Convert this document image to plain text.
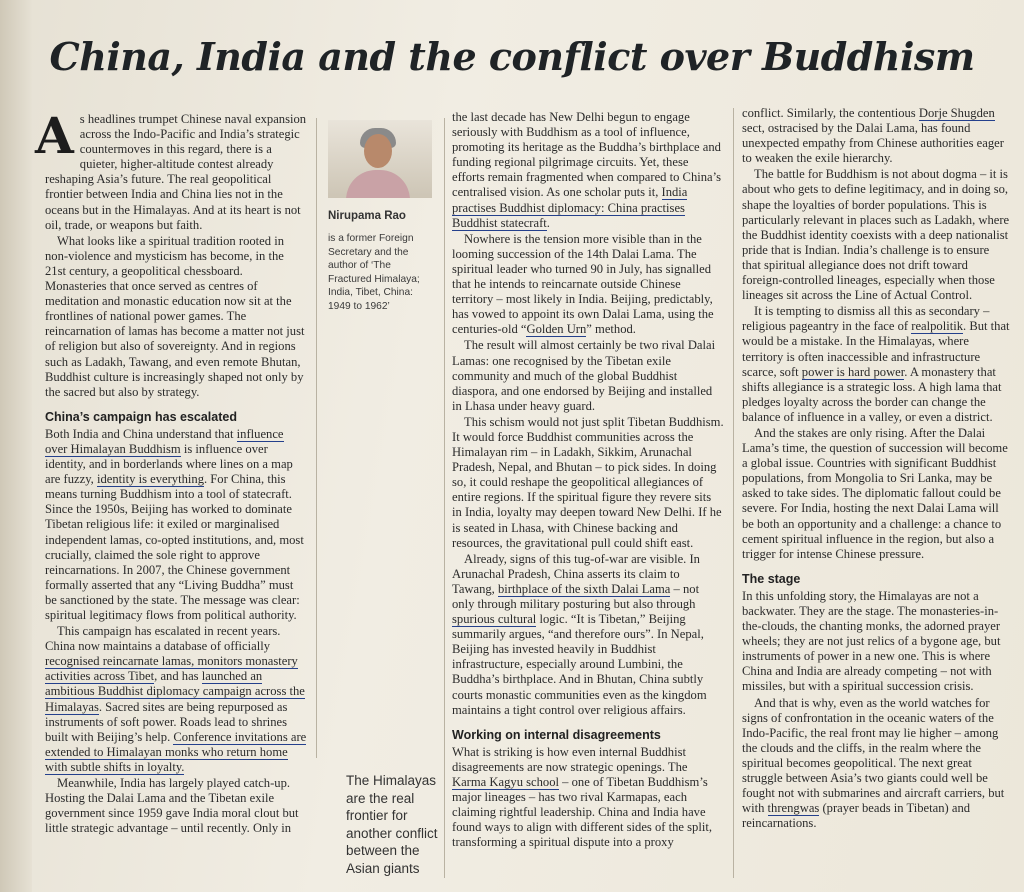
China, India and the conflict over Buddhism

As headlines trumpet Chinese naval expansion across the Indo-Pacific and India’s strategic countermoves in this regard, there is a quieter, higher-altitude contest already reshaping Asia’s future. The real geopolitical frontier between India and China lies not in the oceans but in the Himalayas. And at its heart is not oil, trade, or weapons but faith.

What looks like a spiritual tradition rooted in non-violence and mysticism has become, in the 21st century, a geopolitical chessboard. Monasteries that once served as centres of meditation and monastic education now sit at the frontlines of national power games. The reincarnation of lamas has become a matter not just of religion but also of sovereignty. And in regions such as Ladakh, Tawang, and even remote Bhutan, Buddhist culture is increasingly shaped not only by the sacred but also by strategy.

China’s campaign has escalated

Both India and China understand that influence over Himalayan Buddhism is influence over identity, and in borderlands where lines on a map are fuzzy, identity is everything. For China, this means turning Buddhism into a tool of statecraft. Since the 1950s, Beijing has worked to dominate Tibetan religious life: it exiled or marginalised independent lamas, co-opted institutions, and, most crucially, claimed the sole right to approve reincarnations. In 2007, the Chinese government formally asserted that any “Living Buddha” must be sanctioned by the state. The message was clear: spiritual legitimacy flows from political authority.

This campaign has escalated in recent years. China now maintains a database of officially recognised reincarnate lamas, monitors monastery activities across Tibet, and has launched an ambitious Buddhist diplomacy campaign across the Himalayas. Sacred sites are being repurposed as instruments of soft power. Roads lead to shrines built with Beijing’s help. Conference invitations are extended to Himalayan monks who return home with subtle shifts in loyalty.

Meanwhile, India has largely played catch-up. Hosting the Dalai Lama and the Tibetan exile government since 1959 gave India moral clout but little strategic advantage – until recently. Only in

Nirupama Rao
is a former Foreign Secretary and the author of ‘The Fractured Himalaya; India, Tibet, China: 1949 to 1962’
The Himalayas are the real frontier for another conflict between the Asian giants

the last decade has New Delhi begun to engage seriously with Buddhism as a tool of influence, promoting its heritage as the Buddha’s birthplace and funding regional pilgrimage circuits. Yet, these efforts remain fragmented when compared to China’s centralised vision. As one scholar puts it, India practises Buddhist diplomacy: China practises Buddhist statecraft.

Nowhere is the tension more visible than in the looming succession of the 14th Dalai Lama. The spiritual leader who turned 90 in July, has signalled that he intends to reincarnate outside Chinese territory – most likely in India. Beijing, predictably, has vowed to appoint its own Dalai Lama, using the centuries-old “Golden Urn” method.

The result will almost certainly be two rival Dalai Lamas: one recognised by the Tibetan exile community and much of the global Buddhist diaspora, and one endorsed by Beijing and installed in Lhasa under heavy guard.

This schism would not just split Tibetan Buddhism. It would force Buddhist communities across the Himalayan rim – in Ladakh, Sikkim, Arunachal Pradesh, Nepal, and Bhutan – to pick sides. In doing so, it could reshape the geopolitical allegiances of entire regions. If the spiritual figure they revere sits in India, loyalty may deepen toward New Delhi. If he is seated in Lhasa, with Chinese backing and resources, the gravitational pull could shift east.

Already, signs of this tug-of-war are visible. In Arunachal Pradesh, China asserts its claim to Tawang, birthplace of the sixth Dalai Lama – not only through military posturing but also through spurious cultural logic. “It is Tibetan,” Beijing summarily argues, “and therefore ours”. In Nepal, Beijing has invested heavily in Buddhist infrastructure, especially around Lumbini, the Buddha’s birthplace. And in Bhutan, China subtly courts monastic communities even as the kingdom maintains a tight control over religious affairs.

Working on internal disagreements

What is striking is how even internal Buddhist disagreements are now strategic openings. The Karma Kagyu school – one of Tibetan Buddhism’s major lineages – has two rival Karmapas, each claiming rightful leadership. China and India have found ways to align with different sides of the split, transforming a spiritual dispute into a proxy

conflict. Similarly, the contentious Dorje Shugden sect, ostracised by the Dalai Lama, has found unexpected empathy from Chinese authorities eager to weaken the exile hierarchy.

The battle for Buddhism is not about dogma – it is about who gets to define legitimacy, and in doing so, shape the loyalties of border populations. This is particularly relevant in places such as Ladakh, where the Buddhist identity coexists with a deep nationalist pride that is Indian. India’s challenge is to ensure that spiritual allegiance does not drift toward foreign-controlled lineages, especially when those lineages sit across the Line of Actual Control.

It is tempting to dismiss all this as secondary – religious pageantry in the face of realpolitik. But that would be a mistake. In the Himalayas, where territory is often inaccessible and infrastructure scarce, soft power is hard power. A monastery that shifts allegiance is a strategic loss. A high lama that pledges loyalty across the border can change the balance of influence in a valley, or even a district.

And the stakes are only rising. After the Dalai Lama’s time, the question of succession will become a global issue. Countries with significant Buddhist populations, from Mongolia to Sri Lanka, may be asked to take sides. The diplomatic fallout could be severe. For India, hosting the next Dalai Lama will be both an opportunity and a challenge: a chance to cement spiritual influence in the region, but also a trigger for intense Chinese pressure.

The stage

In this unfolding story, the Himalayas are not a backwater. They are the stage. The monasteries-in-the-clouds, the chanting monks, the adorned prayer wheels; they are not just relics of a bygone age, but instruments of power in a new one. This is where China and India are already competing – not with missiles, but with a spiritual succession crisis.

And that is why, even as the world watches for signs of confrontation in the oceanic waters of the Indo-Pacific, the real front may lie higher – among the clouds and the cliffs, in the realm where the spiritual becomes geopolitical. The next great struggle between Asia’s two giants could well be fought not with submarines and aircraft carriers, but with threngwas (prayer beads in Tibetan) and reincarnations.
